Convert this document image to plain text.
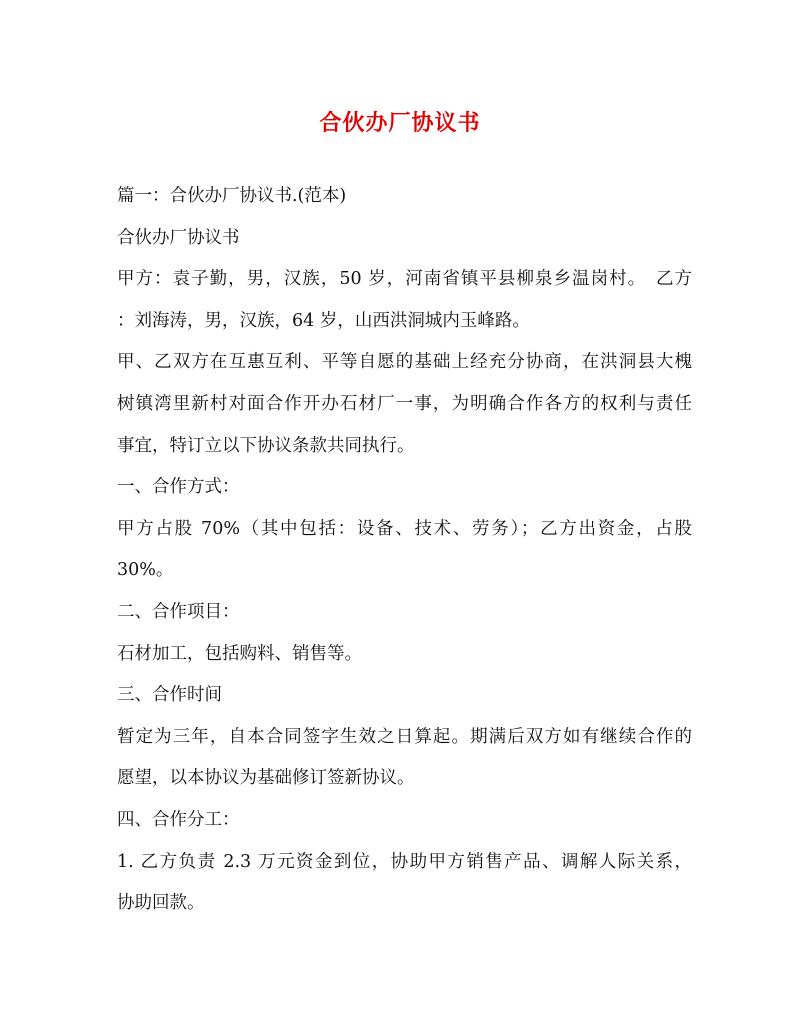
合伙办厂协议书
篇一：合伙办厂协议书.(范本)
合伙办厂协议书
甲方：袁子勤，男，汉族，50 岁，河南省镇平县柳泉乡温岗村。　乙方
：刘海涛，男，汉族，64 岁，山西洪洞城内玉峰路。
甲、乙双方在互惠互利、平等自愿的基础上经充分协商，在洪洞县大槐
树镇湾里新村对面合作开办石材厂一事，为明确合作各方的权利与责任
事宜，特订立以下协议条款共同执行。
一、合作方式：
甲方占股 70%（其中包括：设备、技术、劳务）；乙方出资金，占股
30%。
二、合作项目：
石材加工，包括购料、销售等。
三、合作时间
暂定为三年，自本合同签字生效之日算起。期满后双方如有继续合作的
愿望，以本协议为基础修订签新协议。
四、合作分工：
1. 乙方负责 2.3 万元资金到位，协助甲方销售产品、调解人际关系，
协助回款。
